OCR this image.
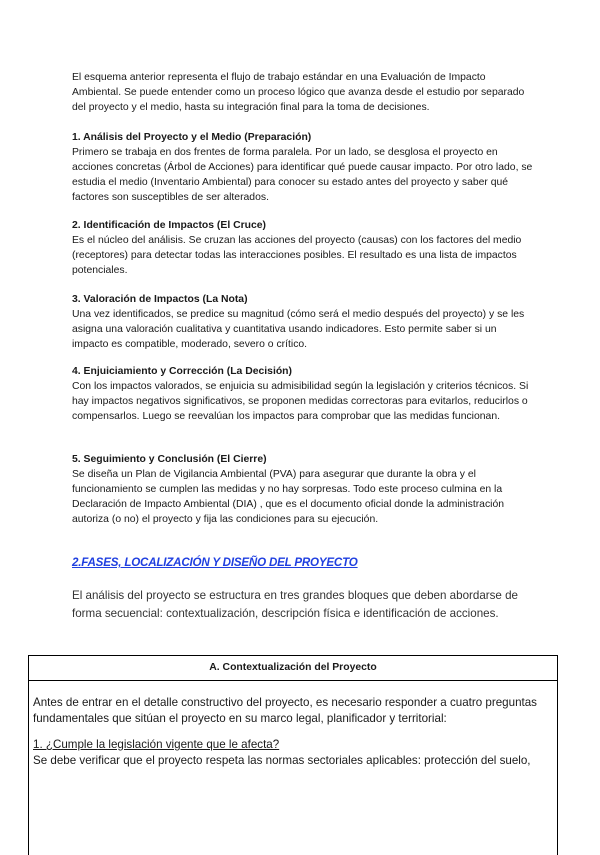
El esquema anterior representa el flujo de trabajo estándar en una Evaluación de Impacto Ambiental. Se puede entender como un proceso lógico que avanza desde el estudio por separado del proyecto y el medio, hasta su integración final para la toma de decisiones.

1. Análisis del Proyecto y el Medio (Preparación)

Primero se trabaja en dos frentes de forma paralela. Por un lado, se desglosa el proyecto en acciones concretas (Árbol de Acciones) para identificar qué puede causar impacto. Por otro lado, se estudia el medio (Inventario Ambiental) para conocer su estado antes del proyecto y saber qué factores son susceptibles de ser alterados.

2. Identificación de Impactos (El Cruce)

Es el núcleo del análisis. Se cruzan las acciones del proyecto (causas) con los factores del medio (receptores) para detectar todas las interacciones posibles. El resultado es una lista de impactos potenciales.

3. Valoración de Impactos (La Nota)

Una vez identificados, se predice su magnitud (cómo será el medio después del proyecto) y se les asigna una valoración cualitativa y cuantitativa usando indicadores. Esto permite saber si un impacto es compatible, moderado, severo o crítico.

4. Enjuiciamiento y Corrección (La Decisión)

Con los impactos valorados, se enjuicia su admisibilidad según la legislación y criterios técnicos. Si hay impactos negativos significativos, se proponen medidas correctoras para evitarlos, reducirlos o compensarlos. Luego se reevalúan los impactos para comprobar que las medidas funcionan.

5. Seguimiento y Conclusión (El Cierre)

Se diseña un Plan de Vigilancia Ambiental (PVA) para asegurar que durante la obra y el funcionamiento se cumplen las medidas y no hay sorpresas. Todo este proceso culmina en la Declaración de Impacto Ambiental (DIA) , que es el documento oficial donde la administración autoriza (o no) el proyecto y fija las condiciones para su ejecución.

2.FASES, LOCALIZACIÓN Y DISEÑO DEL PROYECTO

El análisis del proyecto se estructura en tres grandes bloques que deben abordarse de forma secuencial: contextualización, descripción física e identificación de acciones.

A. Contextualización del Proyecto

Antes de entrar en el detalle constructivo del proyecto, es necesario responder a cuatro preguntas fundamentales que sitúan el proyecto en su marco legal, planificador y territorial:

1. ¿Cumple la legislación vigente que le afecta?

Se debe verificar que el proyecto respeta las normas sectoriales aplicables: protección del suelo,
